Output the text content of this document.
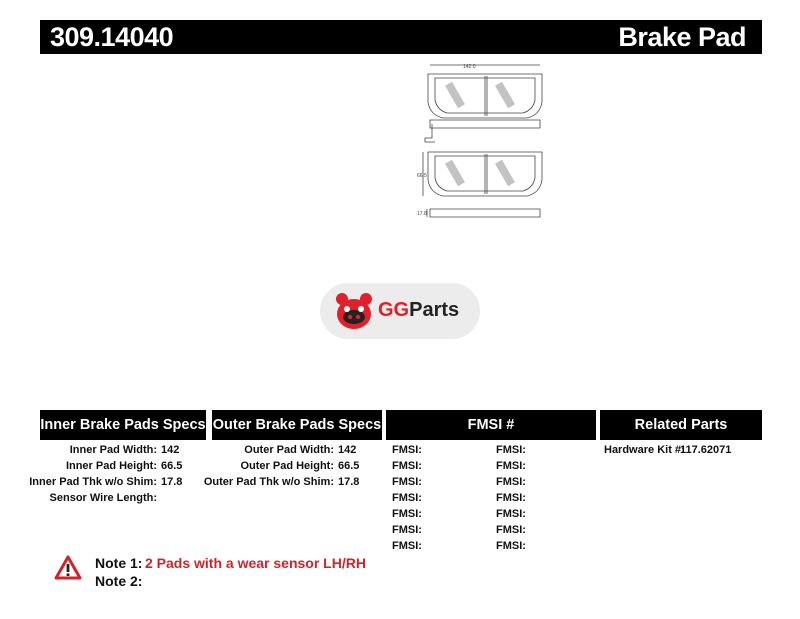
309.14040	Brake Pad
142.0
66.5
17.8
GGParts
Inner Brake Pads Specs Outer Brake Pads Specs	FMSI #	Related Parts
Inner Pad Width: 142
Inner Pad Height: 66.5
Inner Pad Thk w/o Shim: 17.8
Sensor Wire Length:
Outer Pad Width: 142
Outer Pad Height: 66.5
Outer Pad Thk w/o Shim: 17.8
FMSI:
FMSI:
FMSI:
FMSI:
FMSI:
FMSI:
FMSI:
FMSI:
FMSI:
FMSI:
FMSI:
FMSI:
FMSI:
FMSI:
Hardware Kit #:
117.62071
Note 1: 2 Pads with a wear sensor LH/RH
Note 2:
